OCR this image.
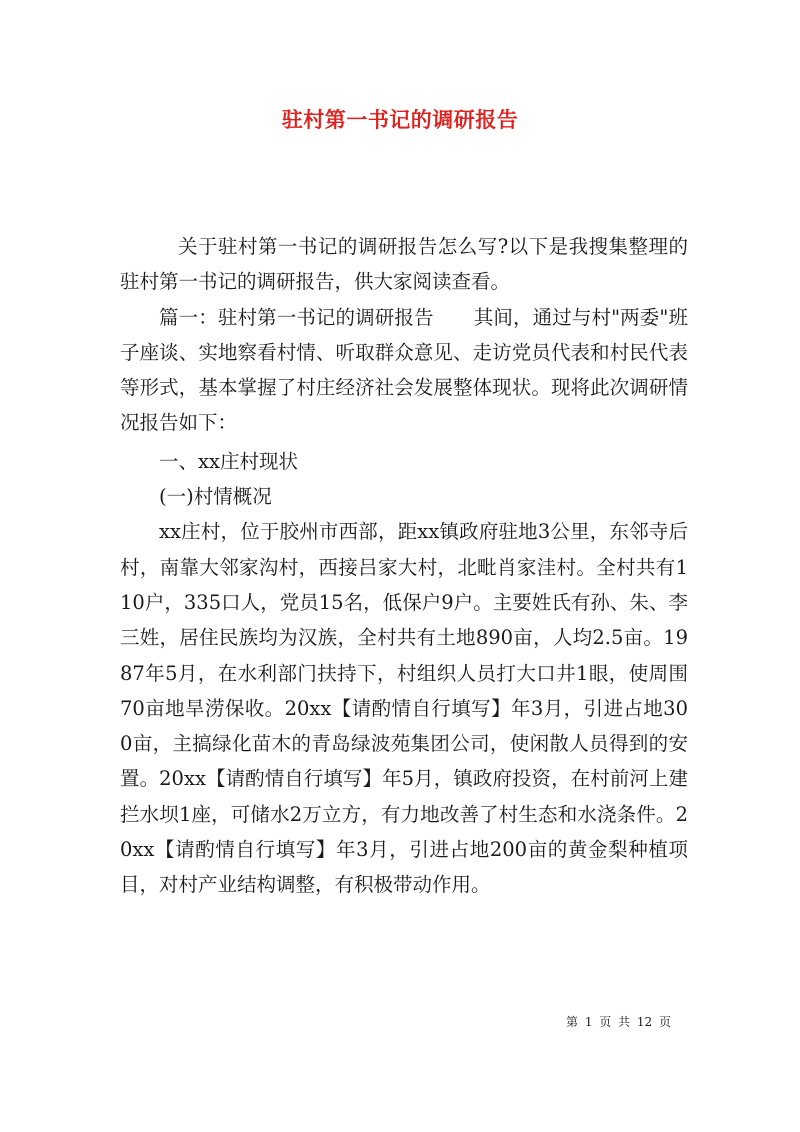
驻村第一书记的调研报告

关于驻村第一书记的调研报告怎么写?以下是我搜集整理的驻村第一书记的调研报告，供大家阅读查看。

篇一：驻村第一书记的调研报告 其间，通过与村"两委"班子座谈、实地察看村情、听取群众意见、走访党员代表和村民代表等形式，基本掌握了村庄经济社会发展整体现状。现将此次调研情况报告如下：

一、xx庄村现状

(一)村情概况

xx庄村，位于胶州市西部，距xx镇政府驻地3公里，东邻寺后村，南靠大邻家沟村，西接吕家大村，北毗肖家洼村。全村共有110户，335口人，党员15名，低保户9户。主要姓氏有孙、朱、李三姓，居住民族均为汉族，全村共有土地890亩，人均2.5亩。1987年5月，在水利部门扶持下，村组织人员打大口井1眼，使周围70亩地旱涝保收。20xx【请酌情自行填写】年3月，引进占地300亩，主搞绿化苗木的青岛绿波苑集团公司，使闲散人员得到的安置。20xx【请酌情自行填写】年5月，镇政府投资，在村前河上建拦水坝1座，可储水2万立方，有力地改善了村生态和水浇条件。20xx【请酌情自行填写】年3月，引进占地200亩的黄金梨种植项目，对村产业结构调整，有积极带动作用。

第 1 页 共 12 页
